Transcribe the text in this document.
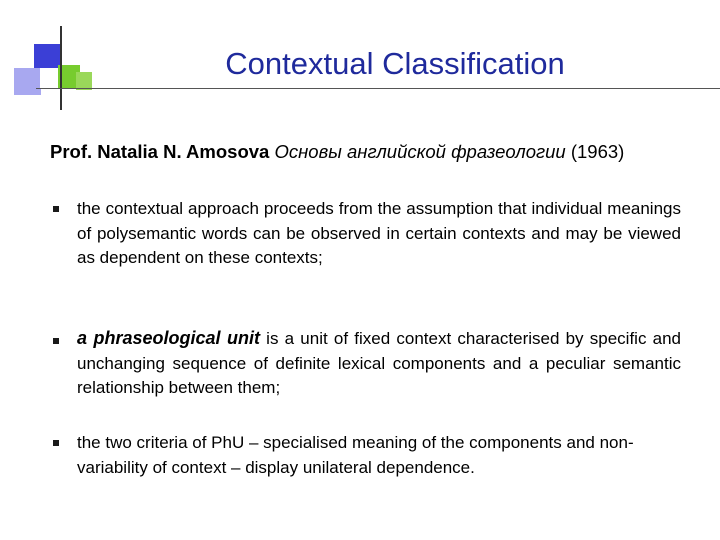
Contextual Classification
Prof. Natalia N. Amosova Основы английской фразеологии (1963)
the contextual approach proceeds from the assumption that individual meanings of polysemantic words can be observed in certain contexts and may be viewed as dependent on these contexts;
a phraseological unit is a unit of fixed context characterised by specific and unchanging sequence of definite lexical components and a peculiar semantic relationship between them;
the two criteria of PhU – specialised meaning of the components and non-variability of context – display unilateral dependence.
